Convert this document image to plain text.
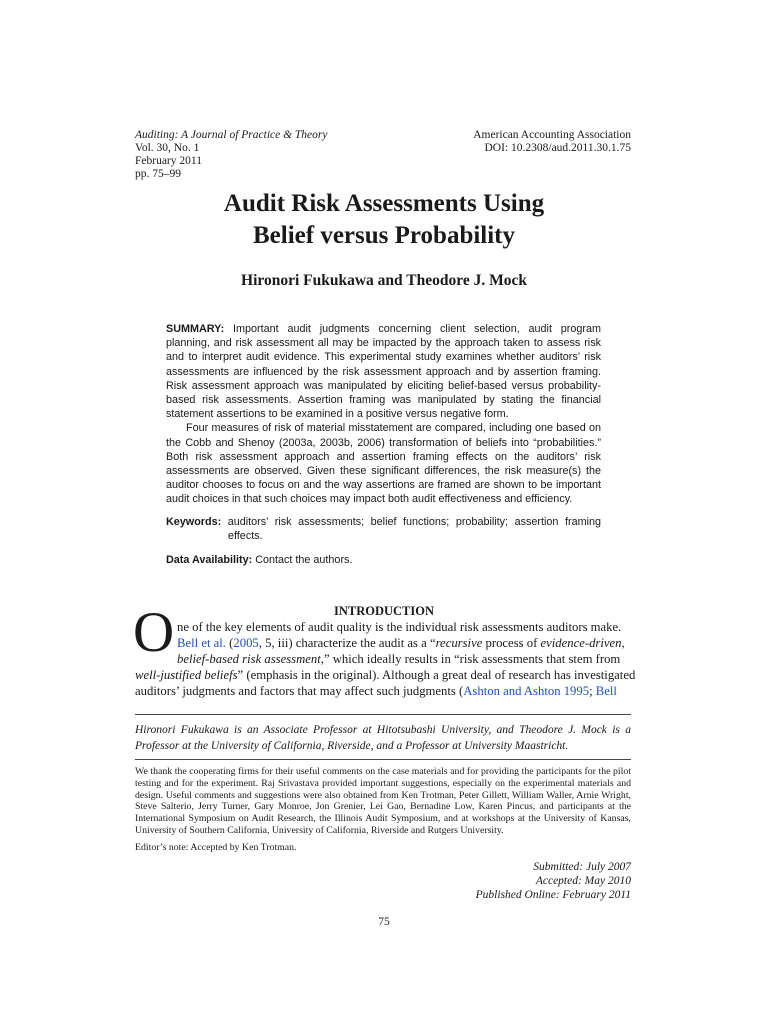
Auditing: A Journal of Practice & Theory
Vol. 30, No. 1
February 2011
pp. 75–99
American Accounting Association
DOI: 10.2308/aud.2011.30.1.75
Audit Risk Assessments Using
Belief versus Probability
Hironori Fukukawa and Theodore J. Mock

SUMMARY: Important audit judgments concerning client selection, audit program planning, and risk assessment all may be impacted by the approach taken to assess risk and to interpret audit evidence. This experimental study examines whether auditors’ risk assessments are influenced by the risk assessment approach and by assertion framing. Risk assessment approach was manipulated by eliciting belief-based versus probability-based risk assessments. Assertion framing was manipulated by stating the financial statement assertions to be examined in a positive versus negative form.

Four measures of risk of material misstatement are compared, including one based on the Cobb and Shenoy (2003a, 2003b, 2006) transformation of beliefs into “probabilities.” Both risk assessment approach and assertion framing effects on the auditors’ risk assessments are observed. Given these significant differences, the risk measure(s) the auditor chooses to focus on and the way assertions are framed are shown to be important audit choices in that such choices may impact both audit effectiveness and efficiency.

Keywords: auditors’ risk assessments; belief functions; probability; assertion framing effects.

Data Availability: Contact the authors.

INTRODUCTION
O ne of the key elements of audit quality is the individual risk assessments auditors make.
Bell et al. (2005, 5, iii) characterize the audit as a “recursive process of evidence-driven,
belief-based risk assessment,” which ideally results in “risk assessments that stem from
well-justified beliefs” (emphasis in the original). Although a great deal of research has investigated
auditors’ judgments and factors that may affect such judgments (Ashton and Ashton 1995; Bell
Hironori Fukukawa is an Associate Professor at Hitotsubashi University, and Theodore J. Mock is a Professor at the University of California, Riverside, and a Professor at University Maastricht.

We thank the cooperating firms for their useful comments on the case materials and for providing the participants for the pilot testing and for the experiment. Raj Srivastava provided important suggestions, especially on the experimental materials and design. Useful comments and suggestions were also obtained from Ken Trotman, Peter Gillett, William Waller, Arnie Wright, Steve Salterio, Jerry Turner, Gary Monroe, Jon Grenier, Lei Gao, Bernadine Low, Karen Pincus, and participants at the International Symposium on Audit Research, the Illinois Audit Symposium, and at workshops at the University of Kansas, University of Southern California, University of California, Riverside and Rutgers University.

Editor’s note: Accepted by Ken Trotman.

Submitted: July 2007
Accepted: May 2010
Published Online: February 2011
75
